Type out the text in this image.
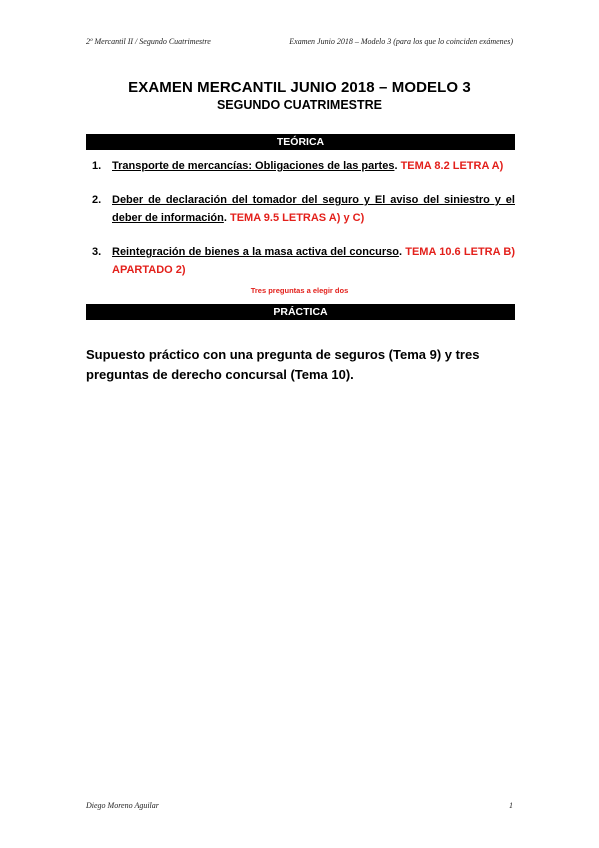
2º Mercantil II / Segundo Cuatrimestre	Examen Junio 2018 – Modelo 3 (para los que lo coinciden exámenes)
EXAMEN MERCANTIL JUNIO 2018 – MODELO 3
SEGUNDO CUATRIMESTRE
TEÓRICA
1. Transporte de mercancías: Obligaciones de las partes. TEMA 8.2 LETRA A)
2. Deber de declaración del tomador del seguro y El aviso del siniestro y el deber de información. TEMA 9.5 LETRAS A) y C)
3. Reintegración de bienes a la masa activa del concurso. TEMA 10.6 LETRA B) APARTADO 2)
Tres preguntas a elegir dos
PRÁCTICA
Supuesto práctico con una pregunta de seguros (Tema 9) y tres preguntas de derecho concursal (Tema 10).
Diego Moreno Aguilar	1
